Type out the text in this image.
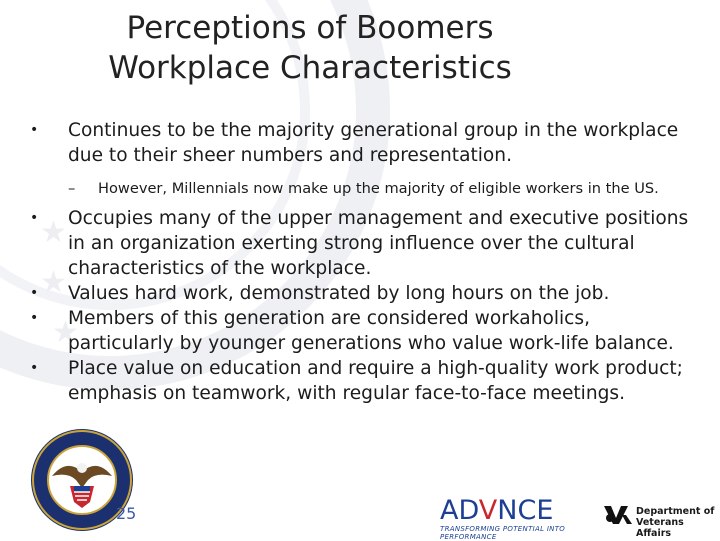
★
★
★
Perceptions of Boomers
Workplace Characteristics
•	Continues to be the majority generational group in the workplace due to their sheer numbers and representation.
– However, Millennials now make up the majority of eligible workers in the US.
•	Occupies many of the upper management and executive positions in an organization exerting strong influence over the cultural characteristics of the workplace.
•	Values hard work, demonstrated by long hours on the job.
•	Members of this generation are considered workaholics, particularly by younger generations who value work-life balance.
•	Place value on education and require a high-quality work product; emphasis on teamwork, with regular face-to-face meetings.
25	ADVNCE
TRANSFORMING POTENTIAL INTO PERFORMANCE
Department of
Veterans Affairs
